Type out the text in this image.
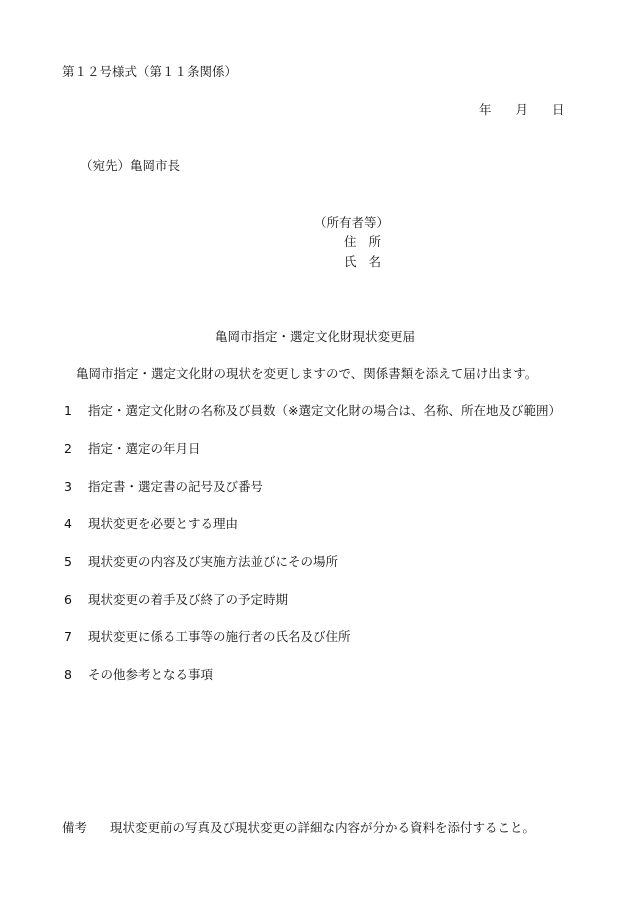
第１２号様式（第１１条関係）
年 月 日
（宛先）亀岡市長
（所有者等）
住 所
氏 名
亀岡市指定・選定文化財現状変更届
亀岡市指定・選定文化財の現状を変更しますので、関係書類を添えて届け出ます。
1 指定・選定文化財の名称及び員数（※選定文化財の場合は、名称、所在地及び範囲）
2 指定・選定の年月日
3 指定書・選定書の記号及び番号
4 現状変更を必要とする理由
5 現状変更の内容及び実施方法並びにその場所
6 現状変更の着手及び終了の予定時期
7 現状変更に係る工事等の施行者の氏名及び住所
8 その他参考となる事項
備考 現状変更前の写真及び現状変更の詳細な内容が分かる資料を添付すること。
